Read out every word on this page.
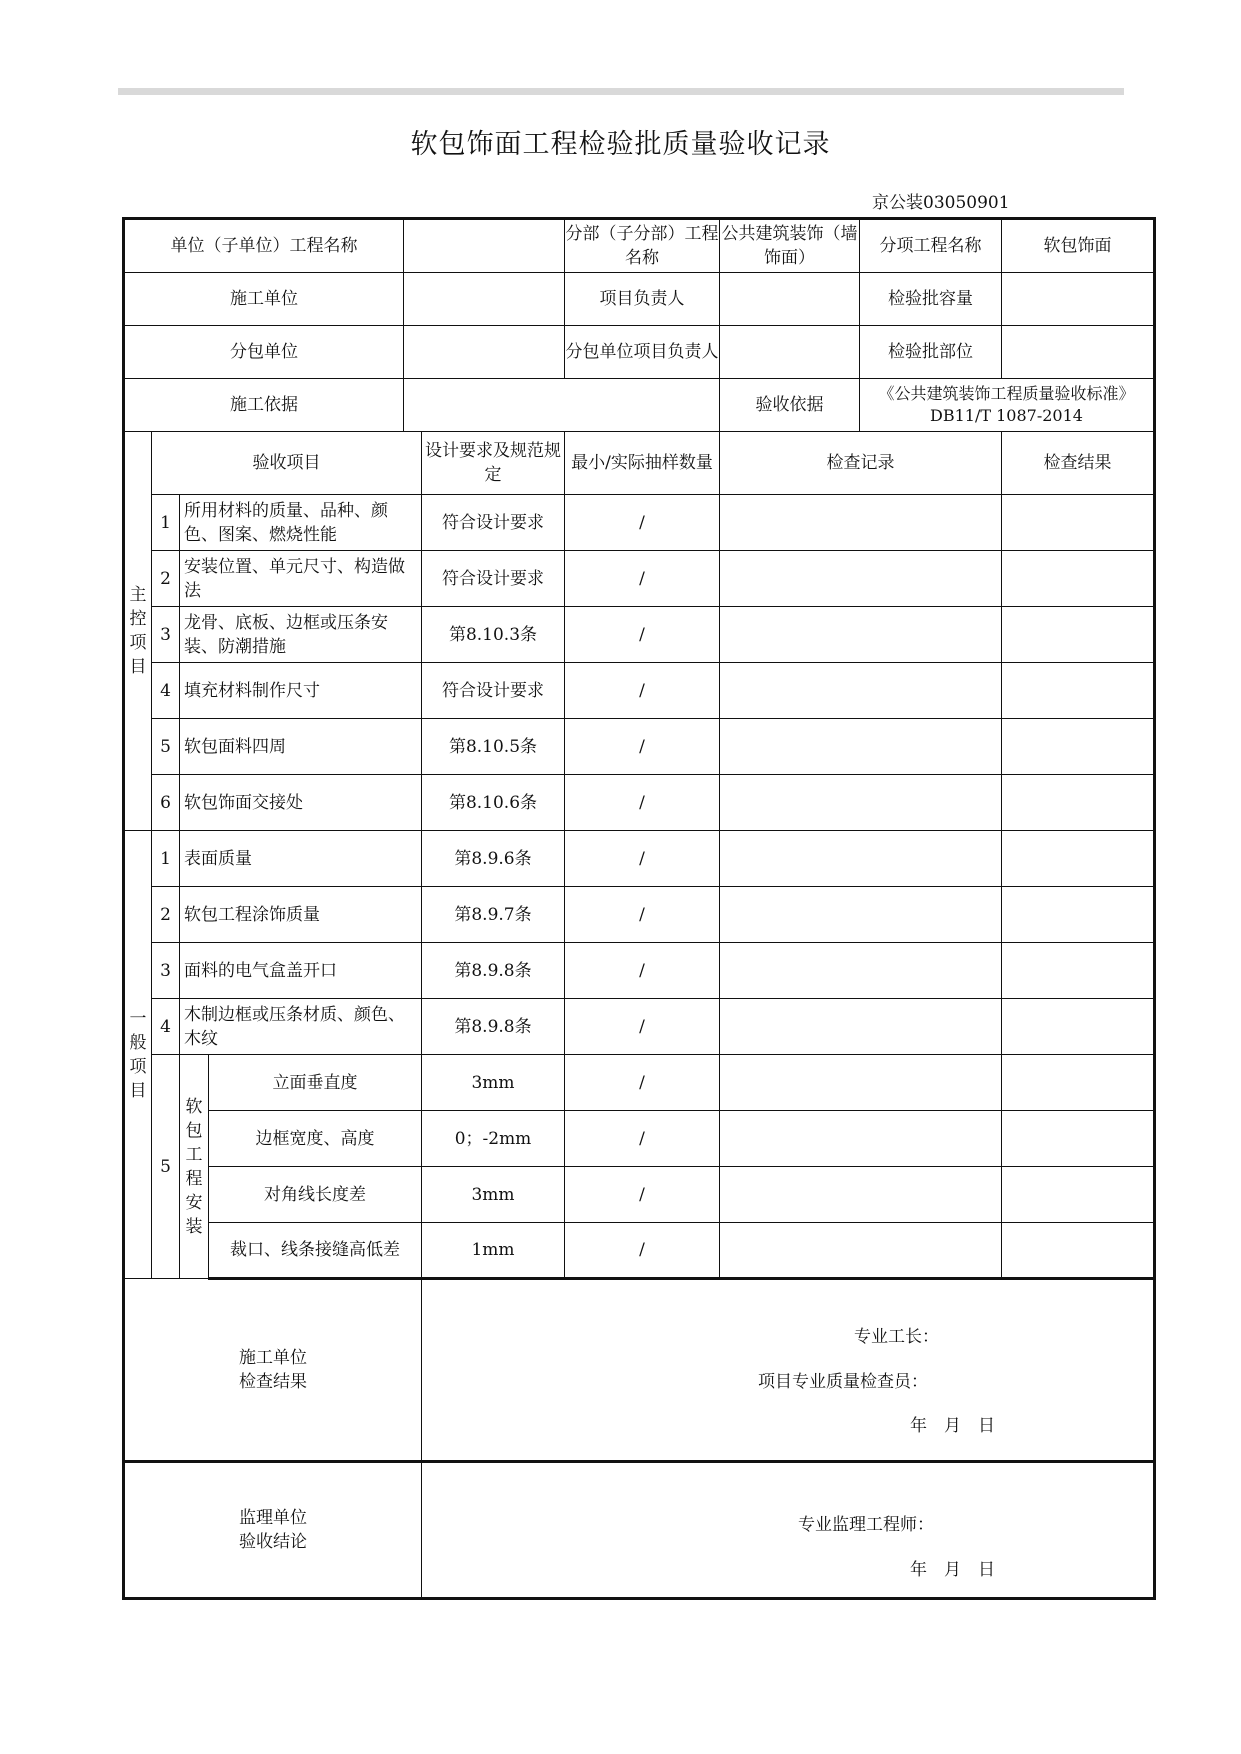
软包饰面工程检验批质量验收记录
京公装03050901
单位（子单位）工程名称						分部（子分部）工程名称	公共建筑装饰（墙饰面）	分项工程名称	软包饰面
施工单位						项目负责人		检验批容量	
分包单位						分包单位项目负责人		检验批部位	
施工依据							验收依据	《公共建筑装饰工程质量验收标准》
DB11/T 1087-2014	

主控项目	验收项目				设计要求及规范规定	最小/实际抽样数量	检查记录		检查结果
	1	所用材料的质量、品种、颜色、图案、燃烧性能			符合设计要求	/			
	2	安装位置、单元尺寸、构造做法			符合设计要求	/			
	3	龙骨、底板、边框或压条安装、防潮措施			第8.10.3条	/			
	4	填充材料制作尺寸			符合设计要求	/			
	5	软包面料四周			第8.10.5条	/			
	6	软包饰面交接处			第8.10.6条	/			

一般项目	1	表面质量			第8.9.6条	/			
	2	软包工程涂饰质量			第8.9.7条	/			
	3	面料的电气盒盖开口			第8.9.8条	/			
	4	木制边框或压条材质、颜色、木纹			第8.9.8条	/			
	5	软包工程安装	立面垂直度		3mm	/			
			边框宽度、高度		0；-2mm	/			
			对角线长度差		3mm	/			
			裁口、线条接缝高低差		1mm	/			

施工单位检查结果					专业工长：
项目专业质量检查员：
年　月　日				

监理单位验收结论					专业监理工程师：
年　月　日				
